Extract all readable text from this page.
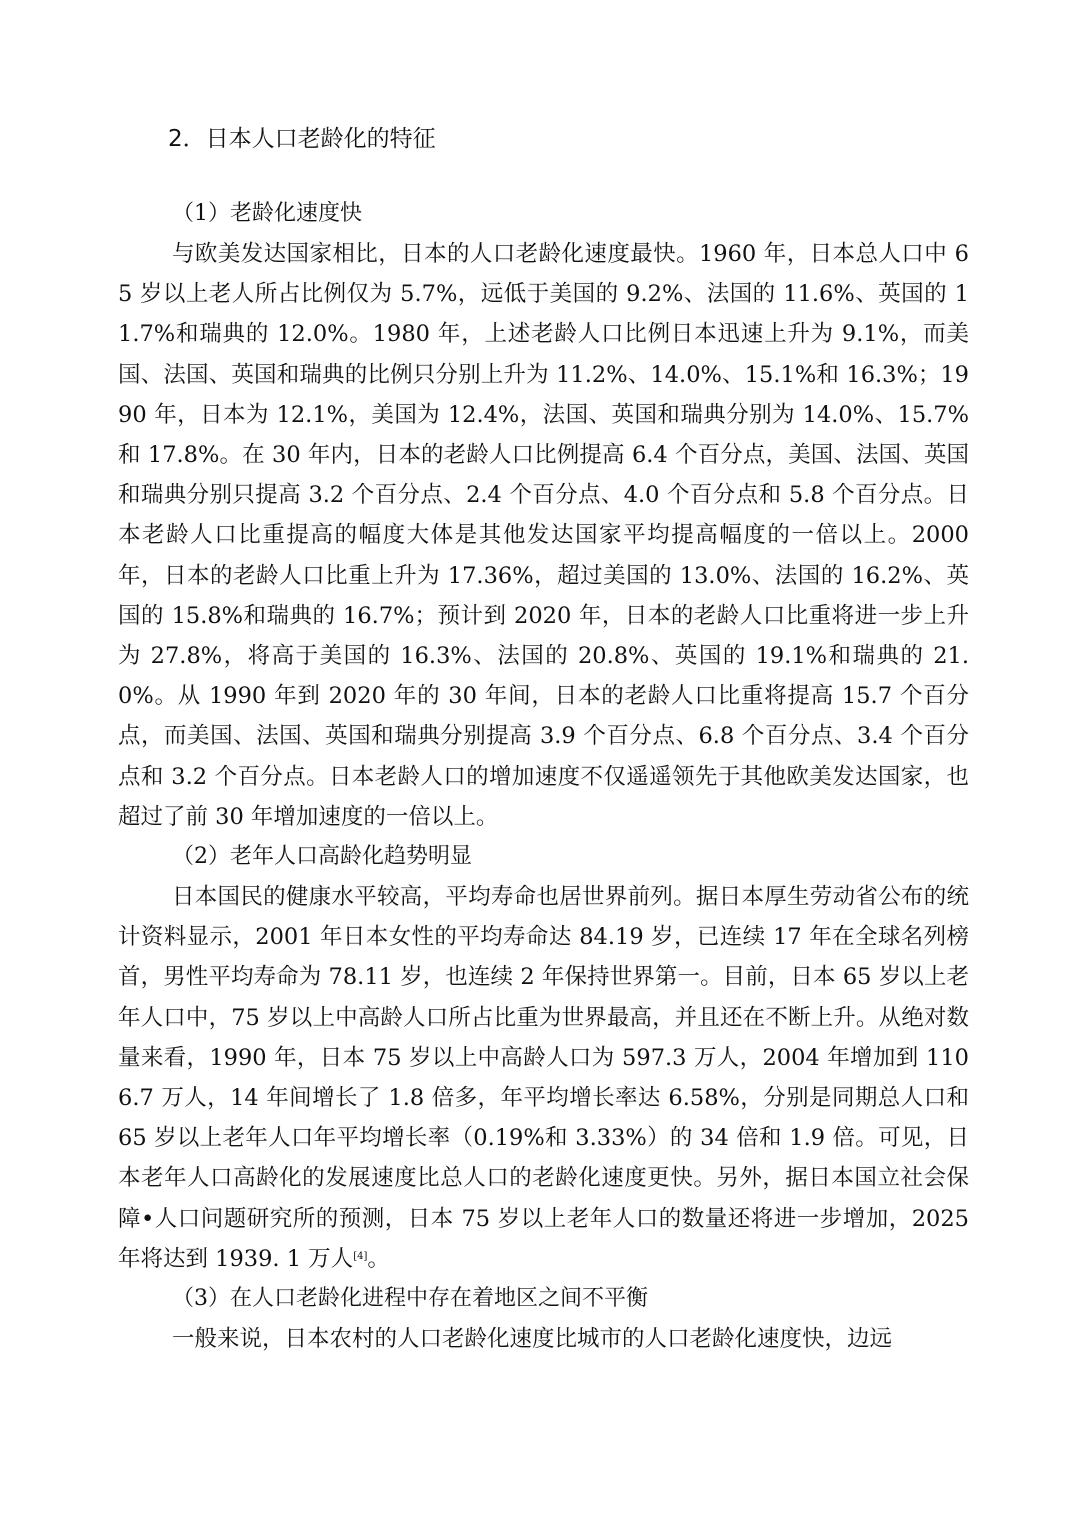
2．日本人口老龄化的特征

（1）老龄化速度快

与欧美发达国家相比，日本的人口老龄化速度最快。1960 年，日本总人口中 65 岁以上老人所占比例仅为 5.7%，远低于美国的 9.2%、法国的 11.6%、英国的 11.7%和瑞典的 12.0%。1980 年，上述老龄人口比例日本迅速上升为 9.1%，而美国、法国、英国和瑞典的比例只分别上升为 11.2%、14.0%、15.1%和 16.3%；1990 年，日本为 12.1%，美国为 12.4%，法国、英国和瑞典分别为 14.0%、15.7%和 17.8%。在 30 年内，日本的老龄人口比例提高 6.4 个百分点，美国、法国、英国和瑞典分别只提高 3.2 个百分点、2.4 个百分点、4.0 个百分点和 5.8 个百分点。日本老龄人口比重提高的幅度大体是其他发达国家平均提高幅度的一倍以上。2000 年，日本的老龄人口比重上升为 17.36%，超过美国的 13.0%、法国的 16.2%、英国的 15.8%和瑞典的 16.7%；预计到 2020 年，日本的老龄人口比重将进一步上升为 27.8%，将高于美国的 16.3%、法国的 20.8%、英国的 19.1%和瑞典的 21.0%。从 1990 年到 2020 年的 30 年间，日本的老龄人口比重将提高 15.7 个百分点，而美国、法国、英国和瑞典分别提高 3.9 个百分点、6.8 个百分点、3.4 个百分点和 3.2 个百分点。日本老龄人口的增加速度不仅遥遥领先于其他欧美发达国家，也超过了前 30 年增加速度的一倍以上。

（2）老年人口高龄化趋势明显

日本国民的健康水平较高，平均寿命也居世界前列。据日本厚生劳动省公布的统计资料显示，2001 年日本女性的平均寿命达 84.19 岁，已连续 17 年在全球名列榜首，男性平均寿命为 78.11 岁，也连续 2 年保持世界第一。目前，日本 65 岁以上老年人口中，75 岁以上中高龄人口所占比重为世界最高，并且还在不断上升。从绝对数量来看，1990 年，日本 75 岁以上中高龄人口为 597.3 万人，2004 年增加到 1106.7 万人，14 年间增长了 1.8 倍多，年平均增长率达 6.58%，分别是同期总人口和 65 岁以上老年人口年平均增长率（0.19%和 3.33%）的 34 倍和 1.9 倍。可见，日本老年人口高龄化的发展速度比总人口的老龄化速度更快。另外，据日本国立社会保障•人口问题研究所的预测，日本 75 岁以上老年人口的数量还将进一步增加，2025 年将达到 1939. 1 万人[4]。

（3）在人口老龄化进程中存在着地区之间不平衡

一般来说，日本农村的人口老龄化速度比城市的人口老龄化速度快，边远
